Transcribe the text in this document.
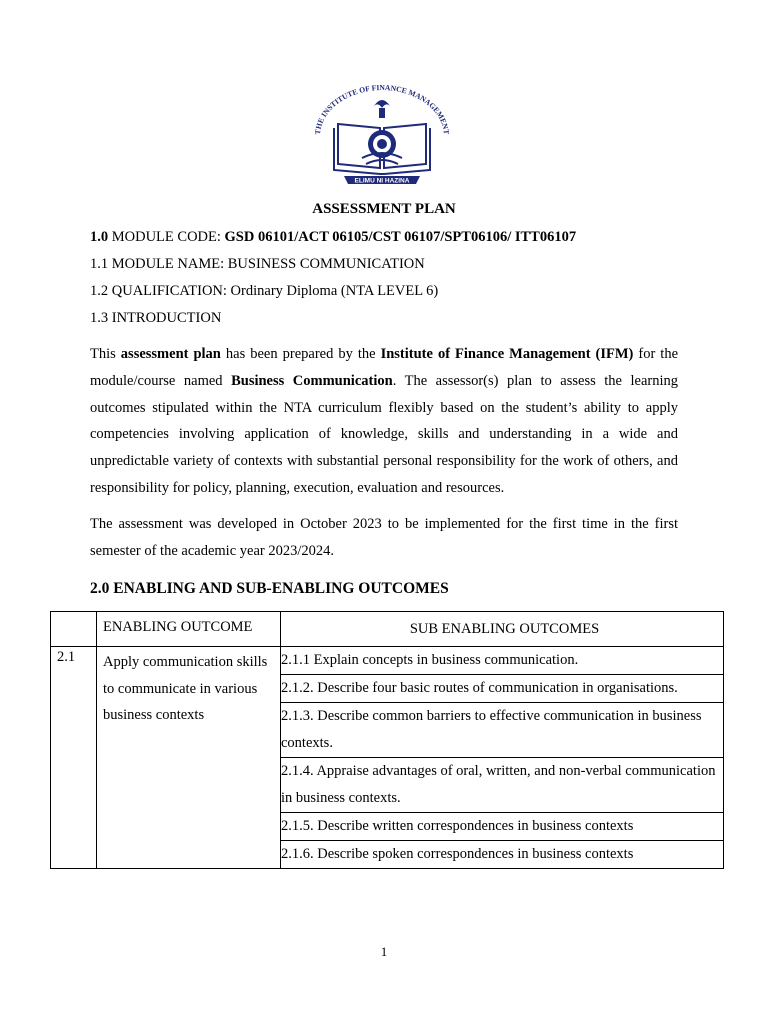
THE INSTITUTE OF FINANCE MANAGEMENT
ELIMU NI HAZINA
ASSESSMENT PLAN
1.0 MODULE CODE: GSD 06101/ACT 06105/CST 06107/SPT06106/ ITT06107
1.1 MODULE NAME: BUSINESS COMMUNICATION
1.2 QUALIFICATION: Ordinary Diploma (NTA LEVEL 6)
1.3 INTRODUCTION
This assessment plan has been prepared by the Institute of Finance Management (IFM) for the module/course named Business Communication. The assessor(s) plan to assess the learning outcomes stipulated within the NTA curriculum flexibly based on the student’s ability to apply competencies involving application of knowledge, skills and understanding in a wide and unpredictable variety of contexts with substantial personal responsibility for the work of others, and responsibility for policy, planning, execution, evaluation and resources.
The assessment was developed in October 2023 to be implemented for the first time in the first semester of the academic year 2023/2024.
2.0 ENABLING AND SUB-ENABLING OUTCOMES
	ENABLING OUTCOME	SUB ENABLING OUTCOMES
2.1	Apply communication skills to communicate in various business contexts	2.1.1 Explain concepts in business communication.
		2.1.2. Describe four basic routes of communication in organisations.
		2.1.3. Describe common barriers to effective communication in business contexts.
		2.1.4. Appraise advantages of oral, written, and non-verbal communication in business contexts.
		2.1.5. Describe written correspondences in business contexts
		2.1.6. Describe spoken correspondences in business contexts
1
